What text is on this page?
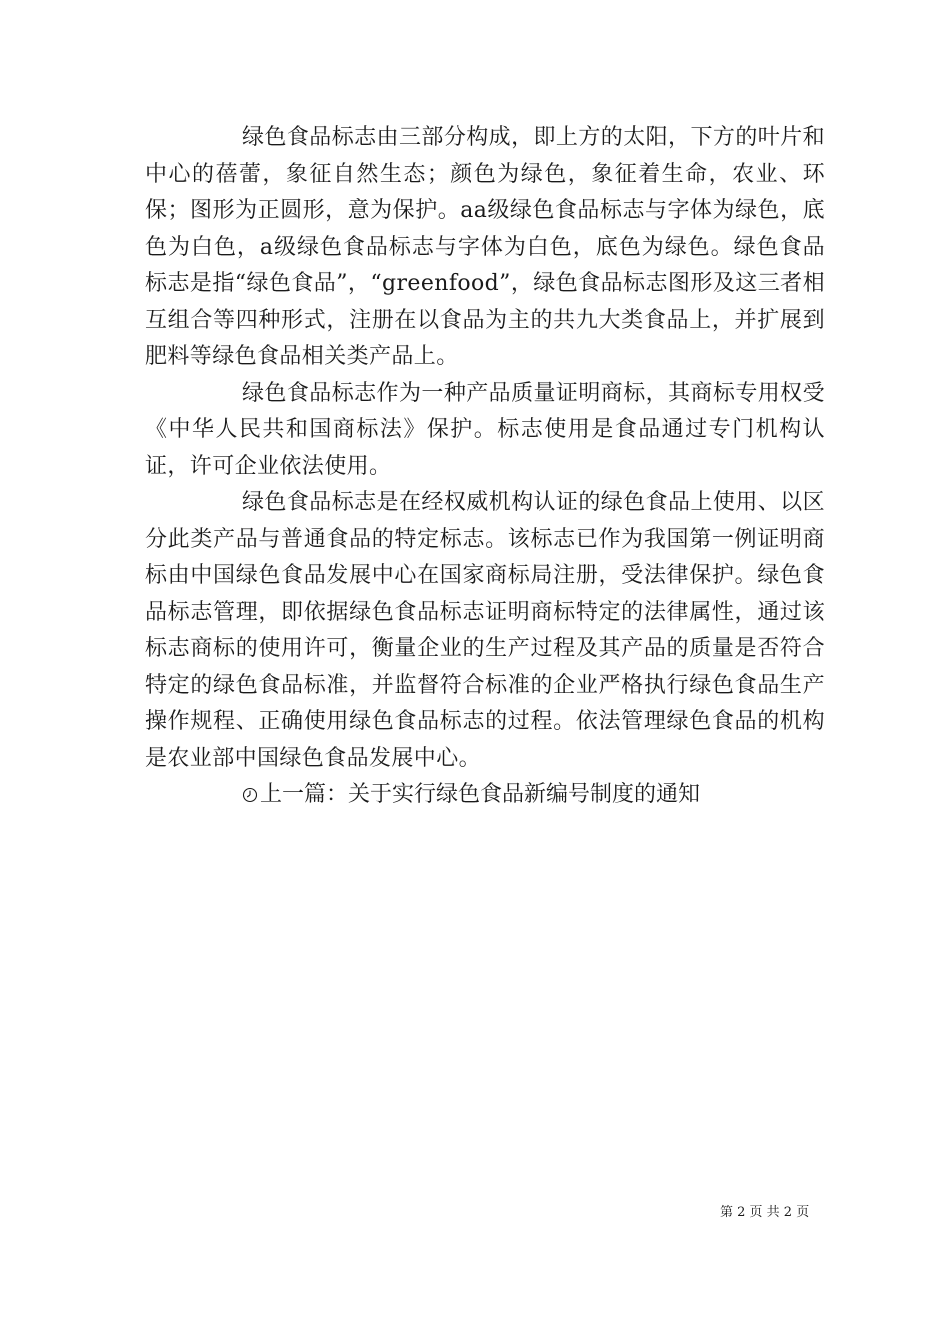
绿色食品标志由三部分构成，即上方的太阳，下方的叶片和中心的蓓蕾，象征自然生态；颜色为绿色，象征着生命，农业、环保；图形为正圆形，意为保护。aa级绿色食品标志与字体为绿色，底色为白色，a级绿色食品标志与字体为白色，底色为绿色。绿色食品标志是指“绿色食品”，“greenfood”，绿色食品标志图形及这三者相互组合等四种形式，注册在以食品为主的共九大类食品上，并扩展到肥料等绿色食品相关类产品上。

绿色食品标志作为一种产品质量证明商标，其商标专用权受《中华人民共和国商标法》保护。标志使用是食品通过专门机构认证，许可企业依法使用。

绿色食品标志是在经权威机构认证的绿色食品上使用、以区分此类产品与普通食品的特定标志。该标志已作为我国第一例证明商标由中国绿色食品发展中心在国家商标局注册，受法律保护。绿色食品标志管理，即依据绿色食品标志证明商标特定的法律属性，通过该标志商标的使用许可，衡量企业的生产过程及其产品的质量是否符合特定的绿色食品标准，并监督符合标准的企业严格执行绿色食品生产操作规程、正确使用绿色食品标志的过程。依法管理绿色食品的机构是农业部中国绿色食品发展中心。

上一篇：关于实行绿色食品新编号制度的通知

第 2 页 共 2 页
